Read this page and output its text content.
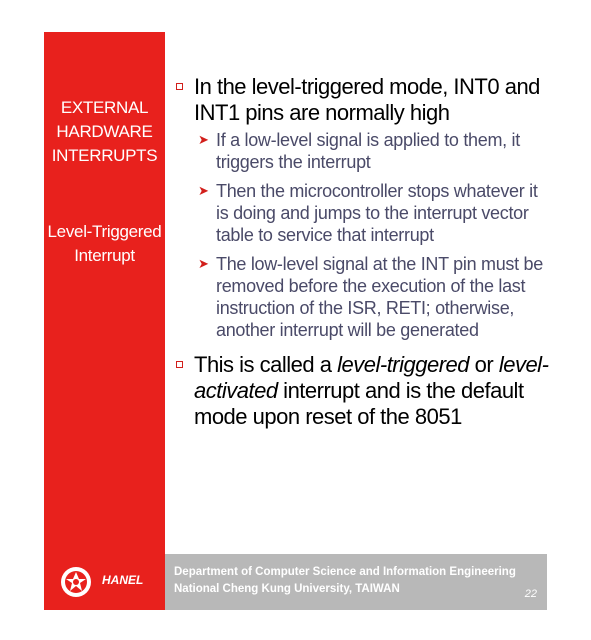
EXTERNAL
HARDWARE
INTERRUPTS
Level-Triggered
Interrupt
In the level-triggered mode, INT0 and INT1 pins are normally high
➤ If a low-level signal is applied to them, it triggers the interrupt
➤ Then the microcontroller stops whatever it is doing and jumps to the interrupt vector table to service that interrupt
➤ The low-level signal at the INT pin must be removed before the execution of the last instruction of the ISR, RETI; otherwise, another interrupt will be generated
This is called a level-triggered or level-activated interrupt and is the default mode upon reset of the 8051
HANEL
Department of Computer Science and Information Engineering
National Cheng Kung University, TAIWAN	22
